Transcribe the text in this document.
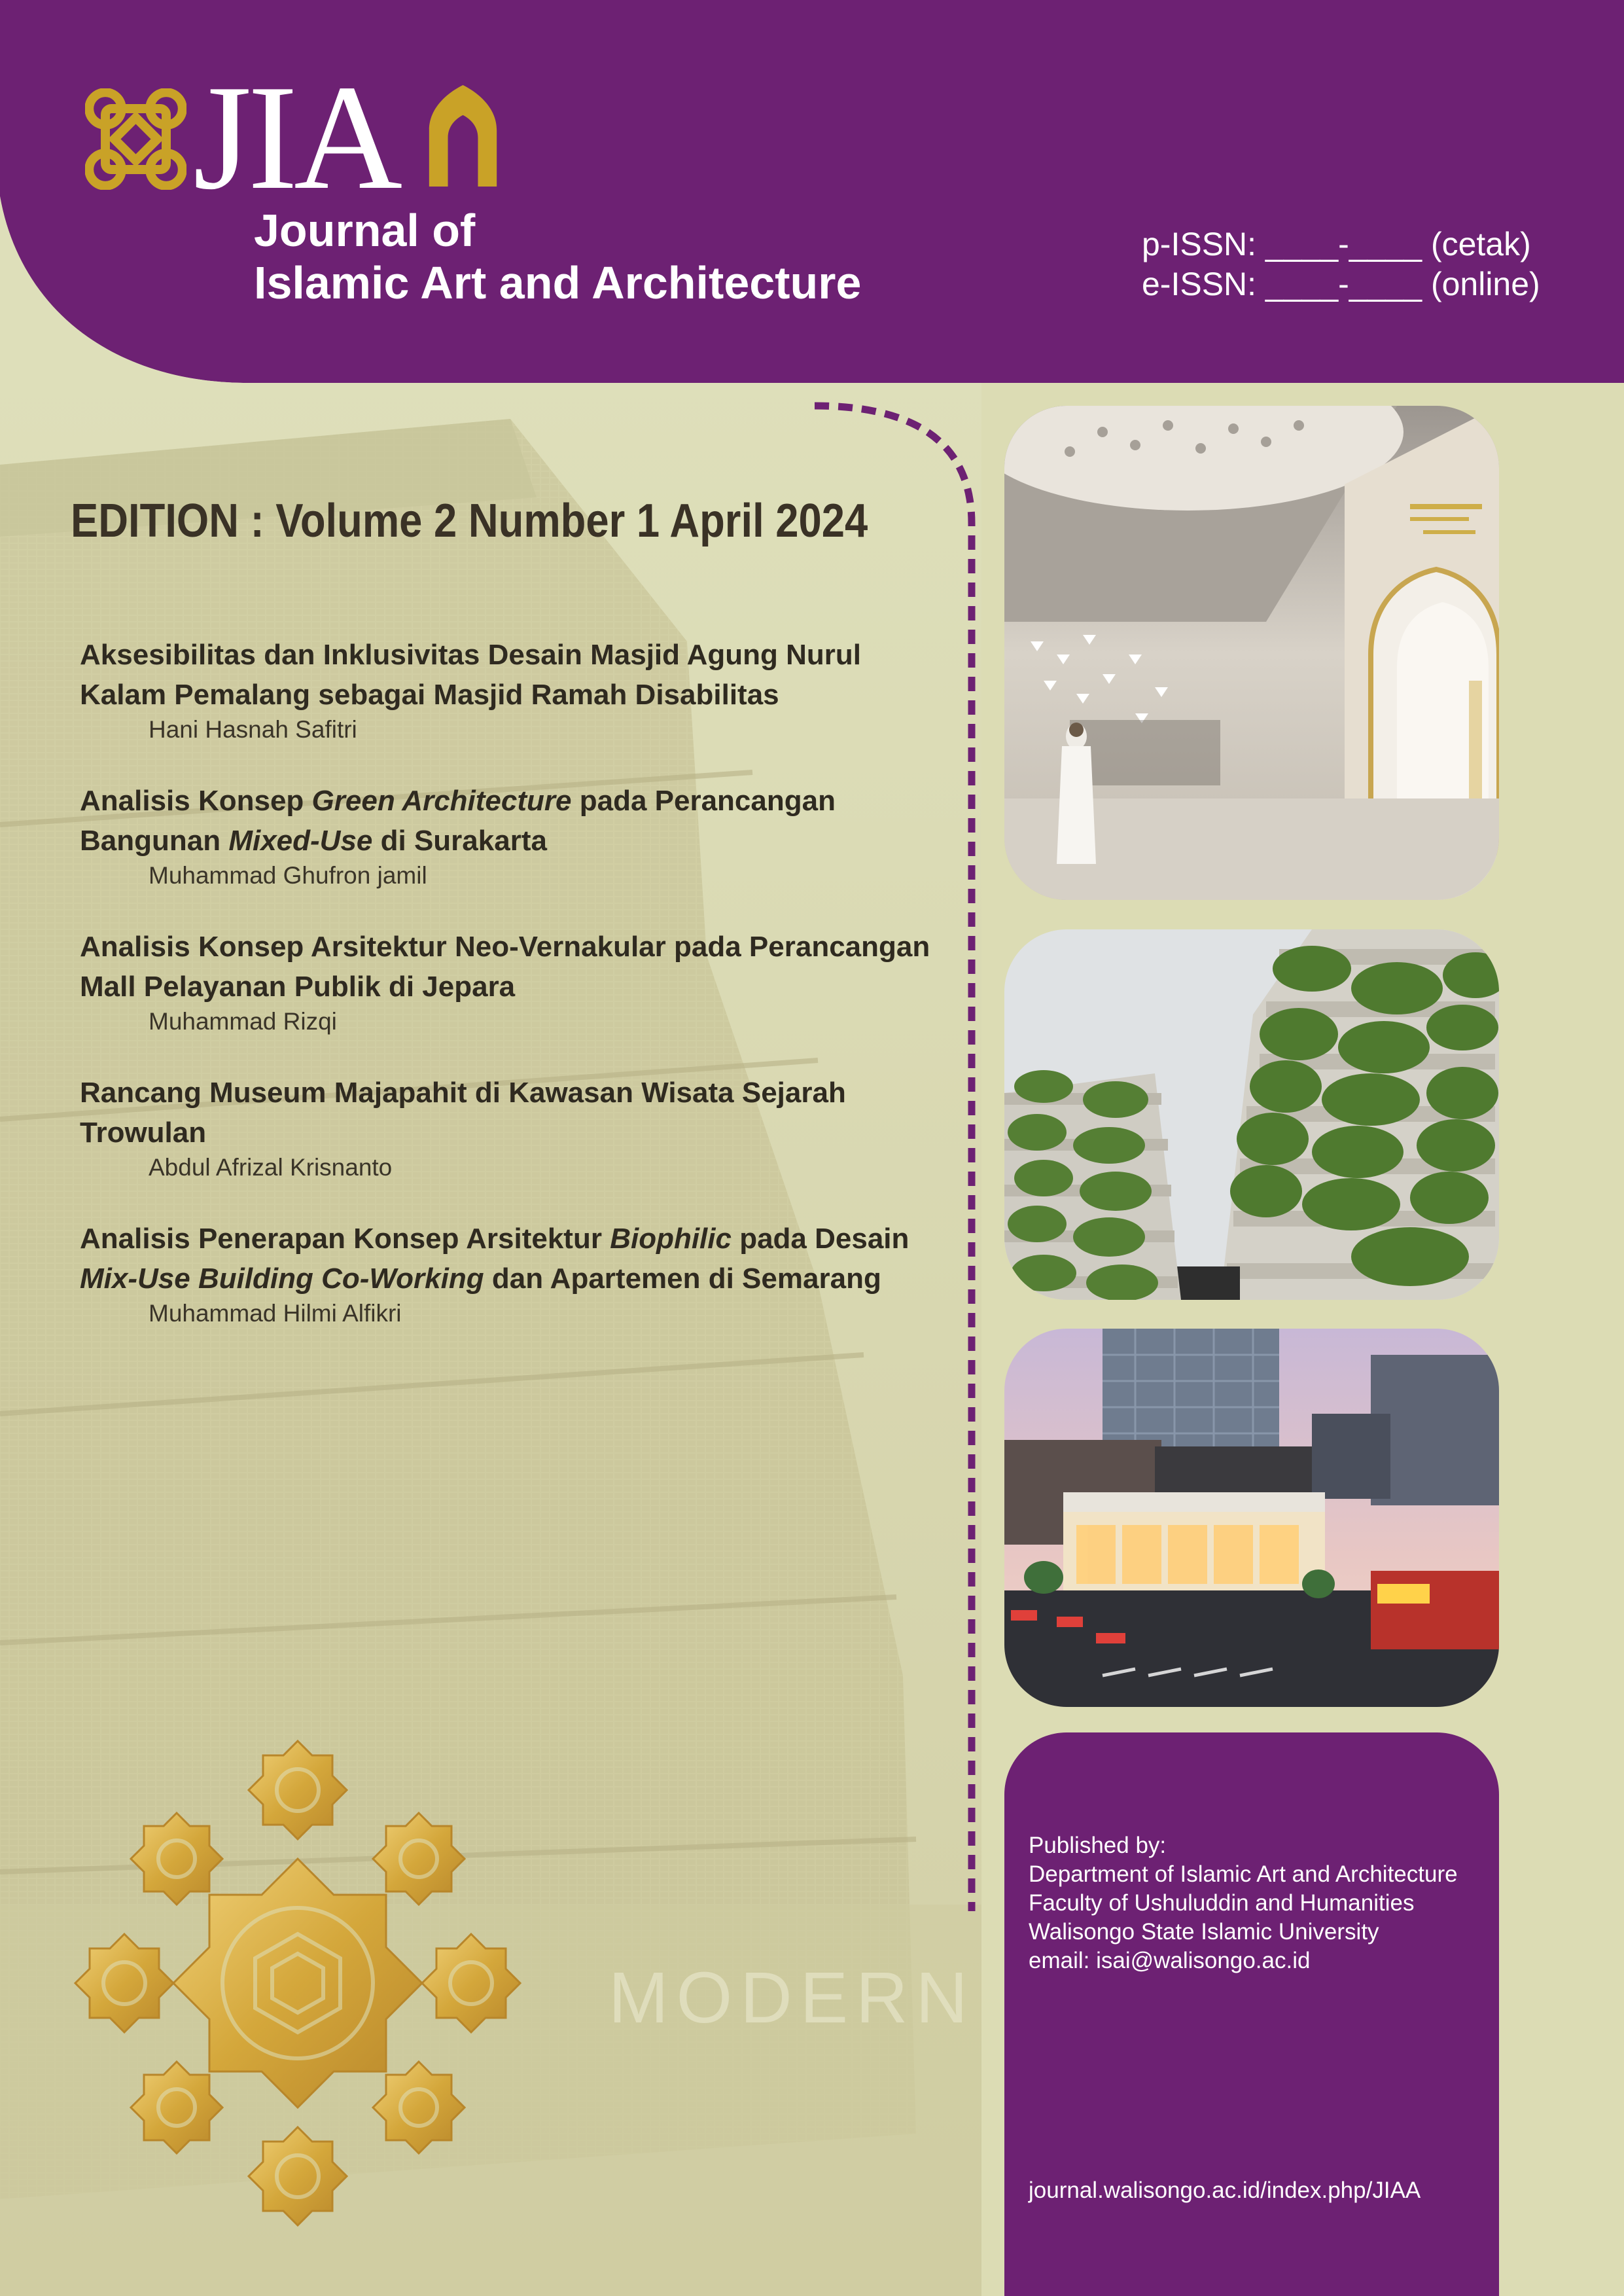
MODERN
JIA
Journal of
Islamic Art and Architecture
p-ISSN: ____-____ (cetak)
e-ISSN: ____-____ (online)
EDITION : Volume 2 Number 1 April 2024
Aksesibilitas dan Inklusivitas Desain Masjid Agung Nurul Kalam Pemalang sebagai Masjid Ramah Disabilitas
Hani Hasnah Safitri
Analisis Konsep Green Architecture pada Perancangan Bangunan Mixed-Use di Surakarta
Muhammad Ghufron jamil
Analisis Konsep Arsitektur Neo-Vernakular pada Perancangan Mall Pelayanan Publik di Jepara
Muhammad Rizqi
Rancang Museum Majapahit di Kawasan Wisata Sejarah Trowulan
Abdul Afrizal Krisnanto
Analisis Penerapan Konsep Arsitektur Biophilic pada Desain Mix-Use Building Co-Working dan Apartemen di Semarang
Muhammad Hilmi Alfikri
Published by:
Department of Islamic Art and Architecture
Faculty of Ushuluddin and Humanities
Walisongo State Islamic University
email: isai@walisongo.ac.id
journal.walisongo.ac.id/index.php/JIAA
